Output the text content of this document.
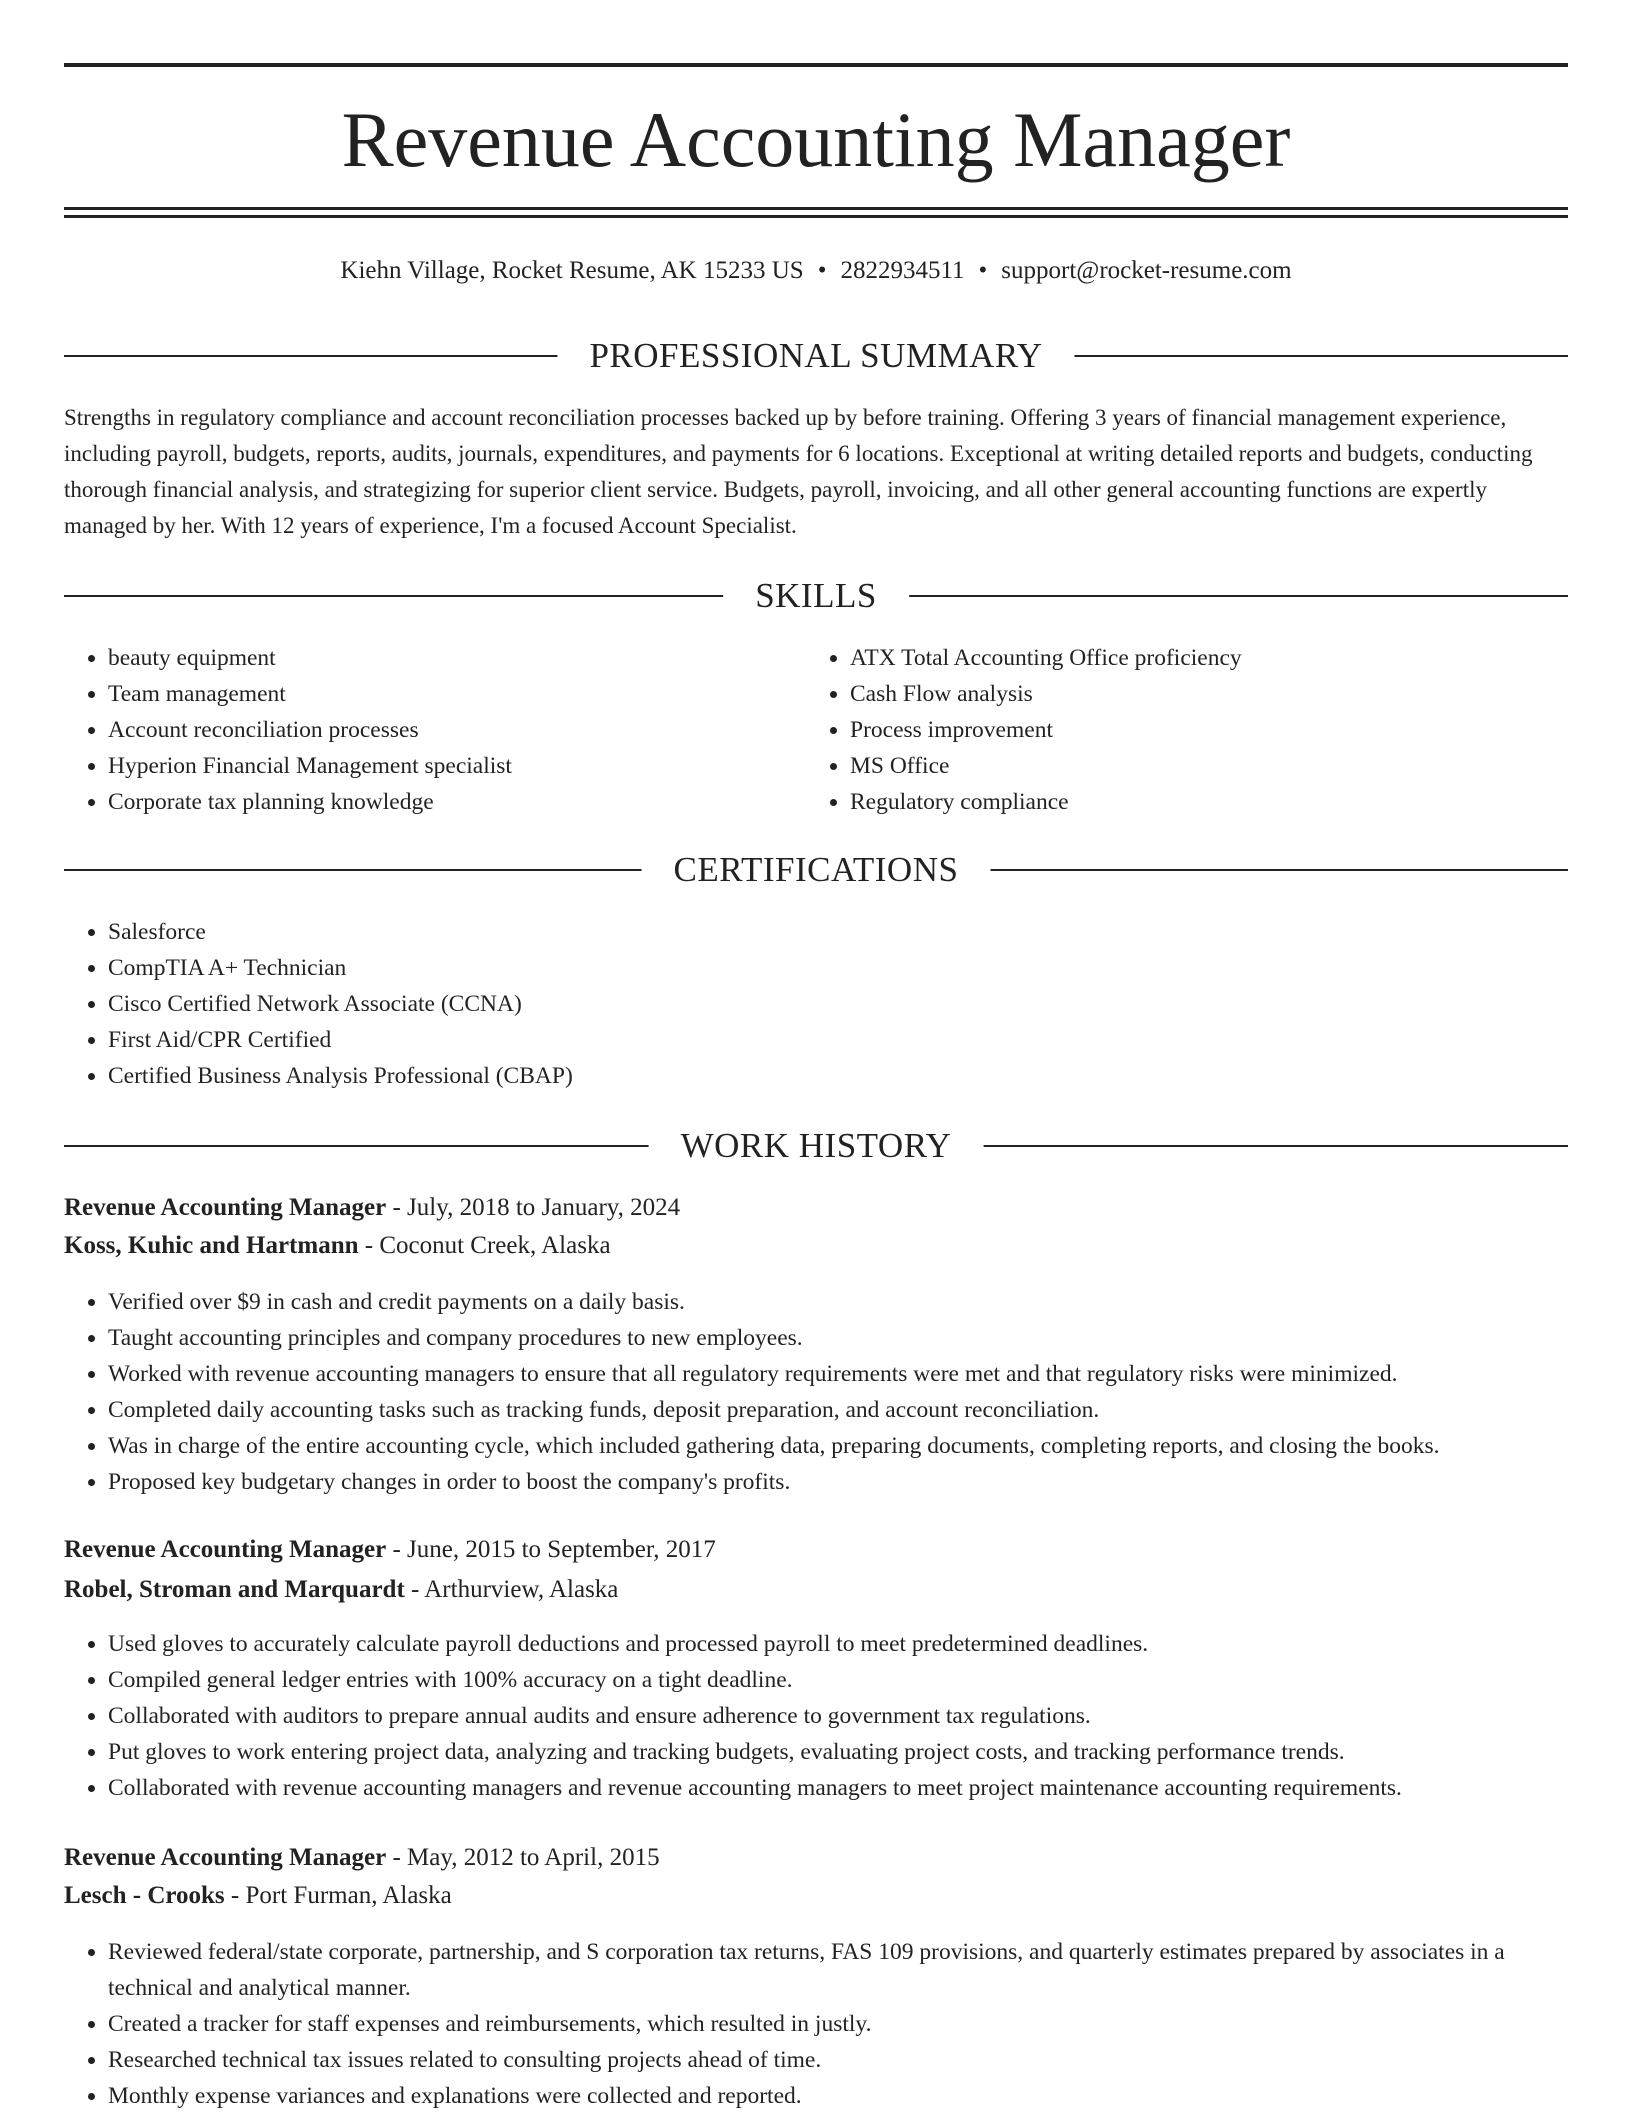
Revenue Accounting Manager
Kiehn Village, Rocket Resume, AK 15233 US • 2822934511 • support@rocket-resume.com
PROFESSIONAL SUMMARY

Strengths in regulatory compliance and account reconciliation processes backed up by before training. Offering 3 years of financial management experience, including payroll, budgets, reports, audits, journals, expenditures, and payments for 6 locations. Exceptional at writing detailed reports and budgets, conducting thorough financial analysis, and strategizing for superior client service. Budgets, payroll, invoicing, and all other general accounting functions are expertly managed by her. With 12 years of experience, I'm a focused Account Specialist.

SKILLS
• beauty equipment
• Team management
• Account reconciliation processes
• Hyperion Financial Management specialist
• Corporate tax planning knowledge
• ATX Total Accounting Office proficiency
• Cash Flow analysis
• Process improvement
• MS Office
• Regulatory compliance
CERTIFICATIONS
• Salesforce
• CompTIA A+ Technician
• Cisco Certified Network Associate (CCNA)
• First Aid/CPR Certified
• Certified Business Analysis Professional (CBAP)
WORK HISTORY
Revenue Accounting Manager - July, 2018 to January, 2024
Koss, Kuhic and Hartmann - Coconut Creek, Alaska
• Verified over $9 in cash and credit payments on a daily basis.
• Taught accounting principles and company procedures to new employees.
• Worked with revenue accounting managers to ensure that all regulatory requirements were met and that regulatory risks were minimized.
• Completed daily accounting tasks such as tracking funds, deposit preparation, and account reconciliation.
• Was in charge of the entire accounting cycle, which included gathering data, preparing documents, completing reports, and closing the books.
• Proposed key budgetary changes in order to boost the company's profits.
Revenue Accounting Manager - June, 2015 to September, 2017
Robel, Stroman and Marquardt - Arthurview, Alaska
• Used gloves to accurately calculate payroll deductions and processed payroll to meet predetermined deadlines.
• Compiled general ledger entries with 100% accuracy on a tight deadline.
• Collaborated with auditors to prepare annual audits and ensure adherence to government tax regulations.
• Put gloves to work entering project data, analyzing and tracking budgets, evaluating project costs, and tracking performance trends.
• Collaborated with revenue accounting managers and revenue accounting managers to meet project maintenance accounting requirements.
Revenue Accounting Manager - May, 2012 to April, 2015
Lesch - Crooks - Port Furman, Alaska
• Reviewed federal/state corporate, partnership, and S corporation tax returns, FAS 109 provisions, and quarterly estimates prepared by associates in a technical and analytical manner.
• Created a tracker for staff expenses and reimbursements, which resulted in justly.
• Researched technical tax issues related to consulting projects ahead of time.
• Monthly expense variances and explanations were collected and reported.
